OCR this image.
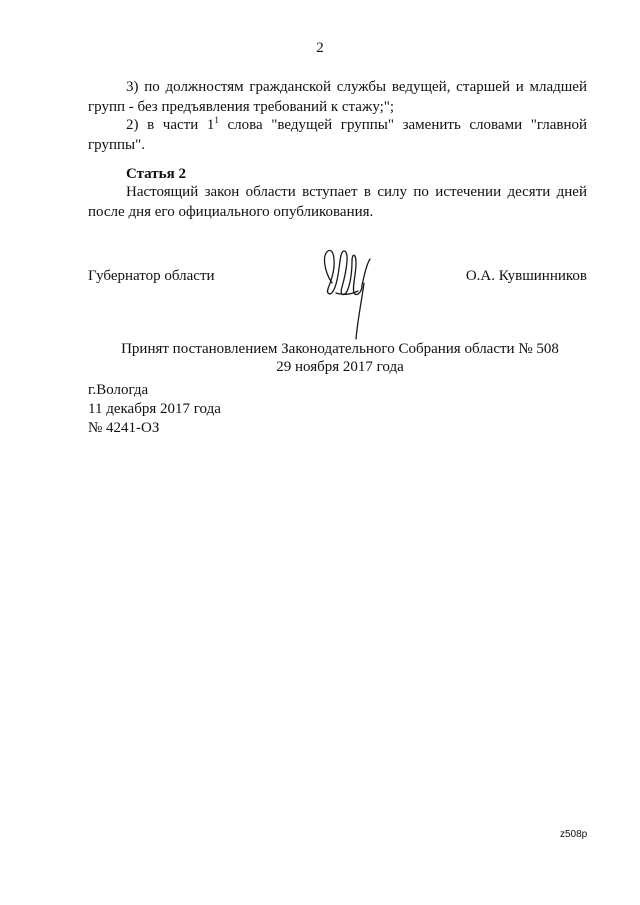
2

3) по должностям гражданской службы ведущей, старшей и младшей групп - без предъявления требований к стажу;";

2) в части $1^1$ слова "ведущей группы" заменить словами "главной группы".

Статья 2

Настоящий закон области вступает в силу по истечении десяти дней после дня его официального опубликования.

Губернатор области	О.А. Кувшинников
Принят постановлением Законодательного Собрания области № 508
29 ноября 2017 года
г.Вологда
11 декабря 2017 года
№ 4241-ОЗ
z508p
